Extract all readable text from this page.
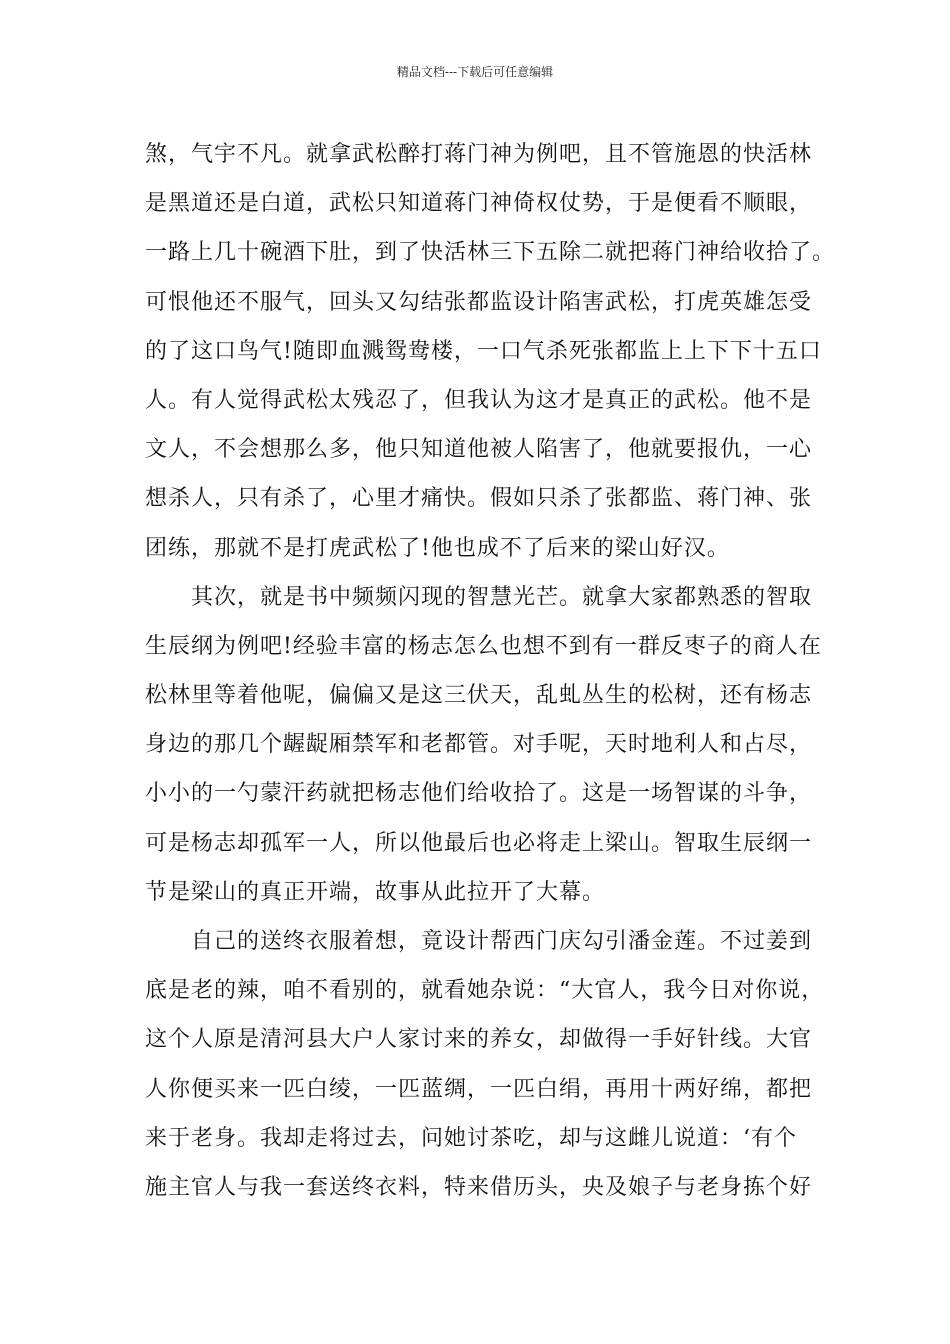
精品文档---下载后可任意编辑
煞，气宇不凡。就拿武松醉打蒋门神为例吧，且不管施恩的快活林
是黑道还是白道，武松只知道蒋门神倚权仗势，于是便看不顺眼，
一路上几十碗酒下肚，到了快活林三下五除二就把蒋门神给收拾了。
可恨他还不服气，回头又勾结张都监设计陷害武松，打虎英雄怎受
的了这口鸟气!随即血溅鸳鸯楼，一口气杀死张都监上上下下十五口
人。有人觉得武松太残忍了，但我认为这才是真正的武松。他不是
文人，不会想那么多，他只知道他被人陷害了，他就要报仇，一心
想杀人，只有杀了，心里才痛快。假如只杀了张都监、蒋门神、张
团练，那就不是打虎武松了!他也成不了后来的梁山好汉。
　　其次，就是书中频频闪现的智慧光芒。就拿大家都熟悉的智取
生辰纲为例吧!经验丰富的杨志怎么也想不到有一群反枣子的商人在
松林里等着他呢，偏偏又是这三伏天，乱虬丛生的松树，还有杨志
身边的那几个龌龊厢禁军和老都管。对手呢，天时地利人和占尽，
小小的一勺蒙汗药就把杨志他们给收拾了。这是一场智谋的斗争，
可是杨志却孤军一人，所以他最后也必将走上梁山。智取生辰纲一
节是梁山的真正开端，故事从此拉开了大幕。
　　自己的送终衣服着想，竟设计帮西门庆勾引潘金莲。不过姜到
底是老的辣，咱不看别的，就看她杂说：“大官人，我今日对你说，
这个人原是清河县大户人家讨来的养女，却做得一手好针线。大官
人你便买来一匹白绫，一匹蓝绸，一匹白绢，再用十两好绵，都把
来于老身。我却走将过去，问她讨茶吃，却与这雌儿说道：‘有个
施主官人与我一套送终衣料，特来借历头，央及娘子与老身拣个好
